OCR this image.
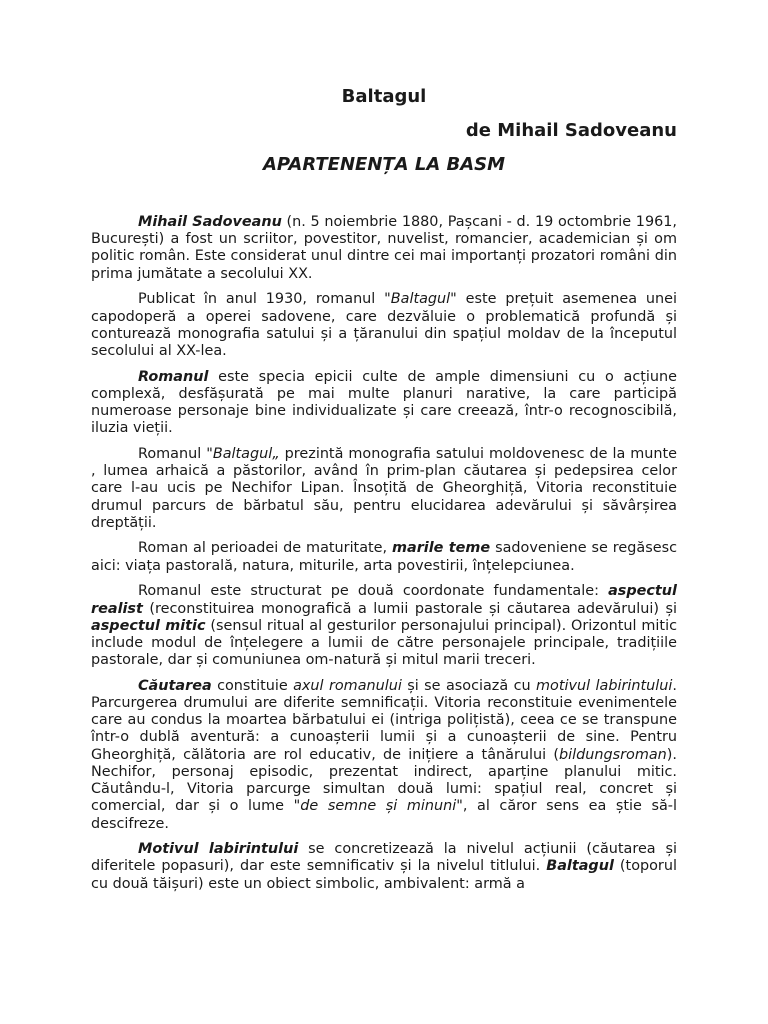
Baltagul
de Mihail Sadoveanu
APARTENENȚA LA BASM

Mihail Sadoveanu (n. 5 noiembrie 1880, Pașcani - d. 19 octombrie 1961, București) a fost un scriitor, povestitor, nuvelist, romancier, academician și om politic român. Este considerat unul dintre cei mai importanți prozatori români din prima jumătate a secolului XX.

Publicat în anul 1930, romanul "Baltagul" este prețuit asemenea unei capodoperă a operei sadovene, care dezvăluie o problematică profundă și conturează monografia satului și a țăranului din spațiul moldav de la începutul secolului al XX-lea.

Romanul este specia epicii culte de ample dimensiuni cu o acțiune complexă, desfășurată pe mai multe planuri narative, la care participă numeroase personaje bine individualizate și care creează, într-o recognoscibilă, iluzia vieții.

Romanul "Baltagul„ prezintă monografia satului moldovenesc de la munte , lumea arhaică a păstorilor, având în prim-plan căutarea și pedepsirea celor care l-au ucis pe Nechifor Lipan. Însoțită de Gheorghiță, Vitoria reconstituie drumul parcurs de bărbatul său, pentru elucidarea adevărului și săvârșirea dreptății.

Roman al perioadei de maturitate, marile teme sadoveniene se regăsesc aici: viața pastorală, natura, miturile, arta povestirii, înțelepciunea.

Romanul este structurat pe două coordonate fundamentale: aspectul realist (reconstituirea monografică a lumii pastorale și căutarea adevărului) și aspectul mitic (sensul ritual al gesturilor personajului principal). Orizontul mitic include modul de înțelegere a lumii de către personajele principale, tradițiile pastorale, dar și comuniunea om-natură și mitul marii treceri.

Căutarea constituie axul romanului și se asociază cu motivul labirintului. Parcurgerea drumului are diferite semnificații. Vitoria reconstituie evenimentele care au condus la moartea bărbatului ei (intriga polițistă), ceea ce se transpune într-o dublă aventură: a cunoașterii lumii și a cunoașterii de sine. Pentru Gheorghiță, călătoria are rol educativ, de inițiere a tânărului (bildungsroman). Nechifor, personaj episodic, prezentat indirect, aparține planului mitic. Căutându-l, Vitoria parcurge simultan două lumi: spațiul real, concret și comercial, dar și o lume "de semne și minuni", al căror sens ea știe să-l descifreze.

Motivul labirintului se concretizează la nivelul acțiunii (căutarea și diferitele popasuri), dar este semnificativ și la nivelul titlului. Baltagul (toporul cu două tăișuri) este un obiect simbolic, ambivalent: armă a
